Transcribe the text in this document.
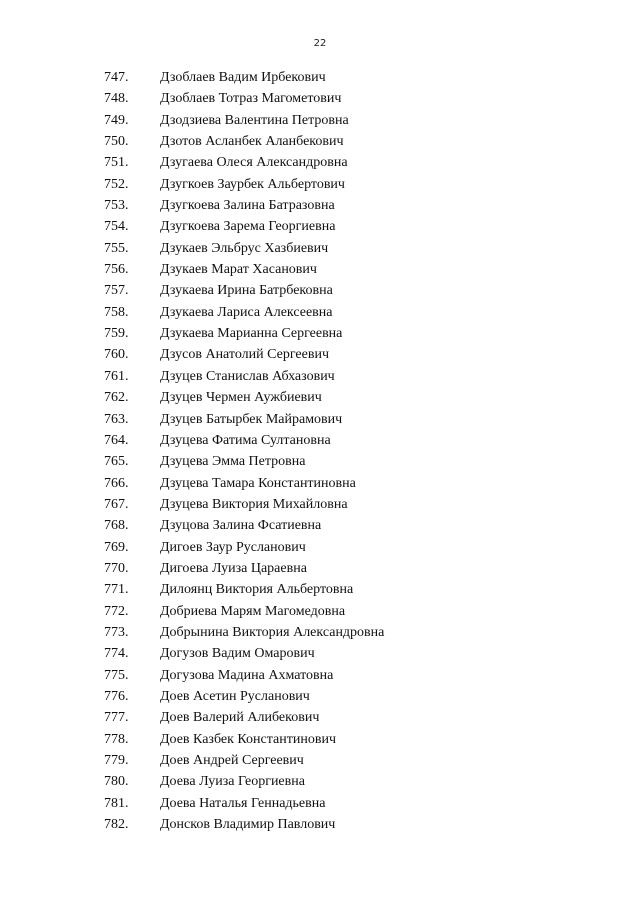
22
747. Дзоблаев Вадим Ирбекович
748. Дзоблаев Тотраз Магометович
749. Дзодзиева Валентина Петровна
750. Дзотов Асланбек Аланбекович
751. Дзугаева Олеся Александровна
752. Дзугкоев Заурбек Альбертович
753. Дзугкоева Залина Батразовна
754. Дзугкоева Зарема Георгиевна
755. Дзукаев Эльбрус Хазбиевич
756. Дзукаев Марат Хасанович
757. Дзукаева Ирина Батрбековна
758. Дзукаева Лариса Алексеевна
759. Дзукаева Марианна Сергеевна
760. Дзусов Анатолий Сергеевич
761. Дзуцев Станислав Абхазович
762. Дзуцев Чермен Аужбиевич
763. Дзуцев Батырбек Майрамович
764. Дзуцева Фатима Султановна
765. Дзуцева Эмма Петровна
766. Дзуцева Тамара Константиновна
767. Дзуцева Виктория Михайловна
768. Дзуцова Залина Фсатиевна
769. Дигоев Заур Русланович
770. Дигоева Луиза Цараевна
771. Дилоянц Виктория Альбертовна
772. Добриева Марям Магомедовна
773. Добрынина Виктория Александровна
774. Догузов Вадим Омарович
775. Догузова Мадина Ахматовна
776. Доев Асетин Русланович
777. Доев Валерий Алибекович
778. Доев Казбек Константинович
779. Доев Андрей Сергеевич
780. Доева Луиза Георгиевна
781. Доева Наталья Геннадьевна
782. Донсков Владимир Павлович
